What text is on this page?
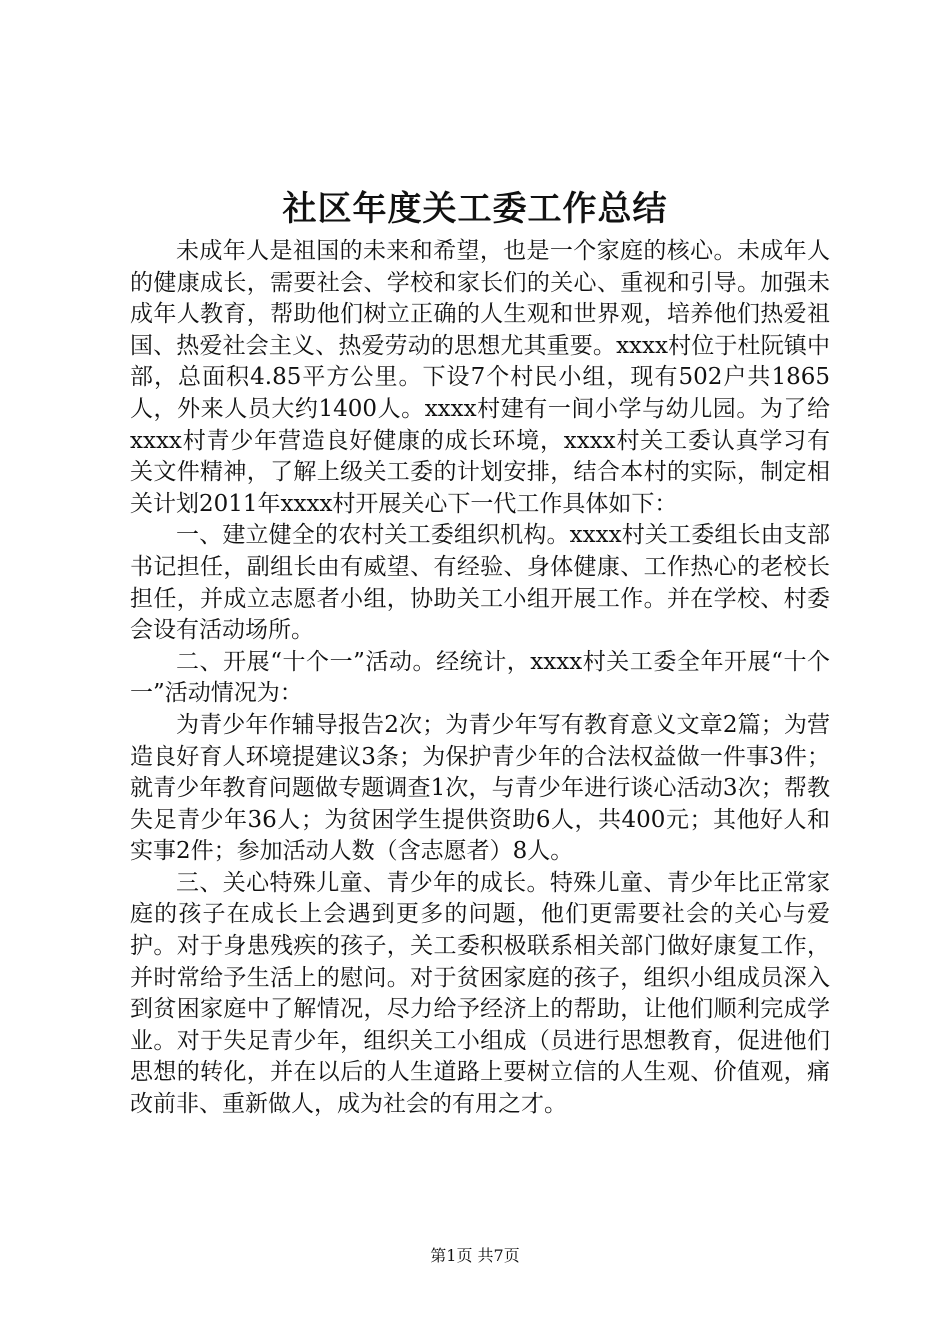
社区年度关工委工作总结

未成年人是祖国的未来和希望，也是一个家庭的核心。未成年人的健康成长，需要社会、学校和家长们的关心、重视和引导。加强未成年人教育，帮助他们树立正确的人生观和世界观，培养他们热爱祖国、热爱社会主义、热爱劳动的思想尤其重要。xxxx村位于杜阮镇中部，总面积4.85平方公里。下设7个村民小组，现有502户共1865人，外来人员大约1400人。xxxx村建有一间小学与幼儿园。为了给xxxx村青少年营造良好健康的成长环境，xxxx村关工委认真学习有关文件精神，了解上级关工委的计划安排，结合本村的实际，制定相关计划2011年xxxx村开展关心下一代工作具体如下：

一、建立健全的农村关工委组织机构。xxxx村关工委组长由支部书记担任，副组长由有威望、有经验、身体健康、工作热心的老校长担任，并成立志愿者小组，协助关工小组开展工作。并在学校、村委会设有活动场所。

二、开展“十个一”活动。经统计，xxxx村关工委全年开展“十个一”活动情况为：

为青少年作辅导报告2次；为青少年写有教育意义文章2篇；为营造良好育人环境提建议3条；为保护青少年的合法权益做一件事3件；就青少年教育问题做专题调查1次，与青少年进行谈心活动3次；帮教失足青少年36人；为贫困学生提供资助6人，共400元；其他好人和实事2件；参加活动人数（含志愿者）8人。

三、关心特殊儿童、青少年的成长。特殊儿童、青少年比正常家庭的孩子在成长上会遇到更多的问题，他们更需要社会的关心与爱护。对于身患残疾的孩子，关工委积极联系相关部门做好康复工作，并时常给予生活上的慰问。对于贫困家庭的孩子，组织小组成员深入到贫困家庭中了解情况，尽力给予经济上的帮助，让他们顺利完成学业。对于失足青少年，组织关工小组成（员进行思想教育，促进他们思想的转化，并在以后的人生道路上要树立信的人生观、价值观，痛改前非、重新做人，成为社会的有用之才。

第1页 共7页
